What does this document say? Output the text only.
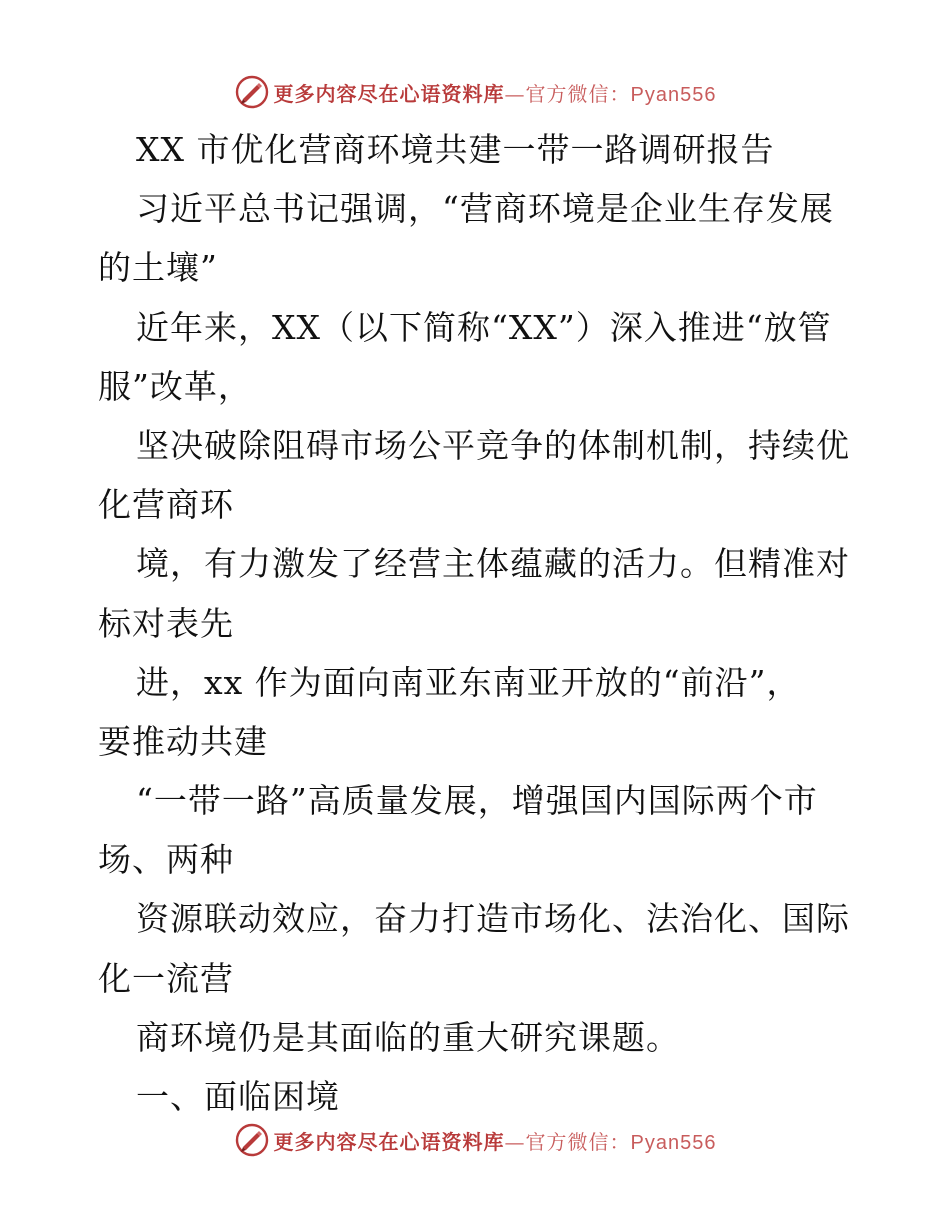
更多内容尽在心语资料库—官方微信：Pyan556
XX 市优化营商环境共建一带一路调研报告
习近平总书记强调，“营商环境是企业生存发展
的土壤”
近年来，XX（以下简称“XX”）深入推进“放管
服”改革，
坚决破除阻碍市场公平竞争的体制机制，持续优
化营商环
境，有力激发了经营主体蕴藏的活力。但精准对
标对表先
进，xx 作为面向南亚东南亚开放的“前沿”，
要推动共建
“一带一路”高质量发展，增强国内国际两个市
场、两种
资源联动效应，奋力打造市场化、法治化、国际
化一流营
商环境仍是其面临的重大研究课题。
一、面临困境
更多内容尽在心语资料库—官方微信：Pyan556
